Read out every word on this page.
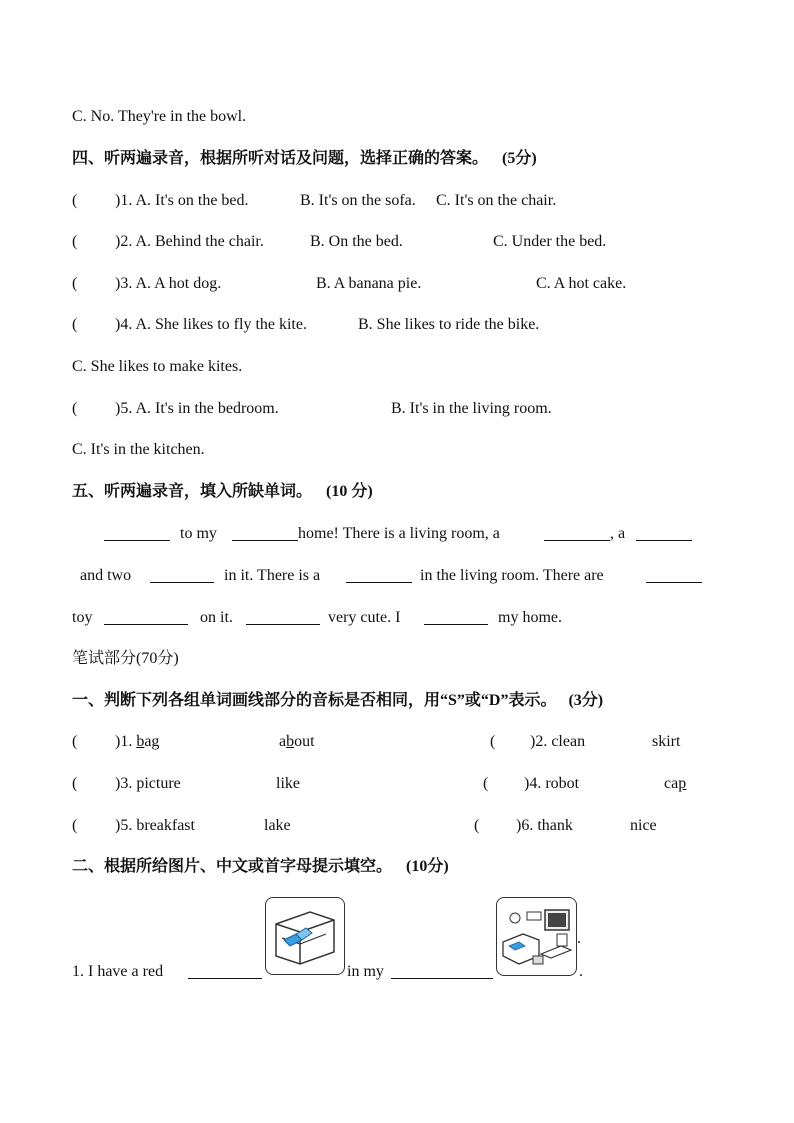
C. No. They're in the bowl.
四、听两遍录音，根据所听对话及问题，选择正确的答案。 (5分)
( )1. A. It's on the bed.	B. It's on the sofa. C. It's on the chair.
( )2. A. Behind the chair.	B. On the bed.	C. Under the bed.
( )3. A. A hot dog.	B. A banana pie.	C. A hot cake.
( )4. A. She likes to fly the kite.	B. She likes to ride the bike.
C. She likes to make kites.
( )5. A. It's in the bedroom.	B. It's in the living room.
C. It's in the kitchen.
五、听两遍录音，填入所缺单词。 (10 分)
to my	home! There is a living room, a	, a
and two	in it. There is a	in the living room. There are
toy	on it.	very cute. I	my home.
笔试部分(70分)
一、判断下列各组单词画线部分的音标是否相同，用“S”或“D”表示。 (3分)
( )1. bag	about	( )2. clean	skirt
( )3. picture	like	( )4. robot	cap
( )5. breakfast	lake	( )6. thank	nice
二、根据所给图片、中文或首字母提示填空。 (10分)
.
1. I have a red	in my	.
